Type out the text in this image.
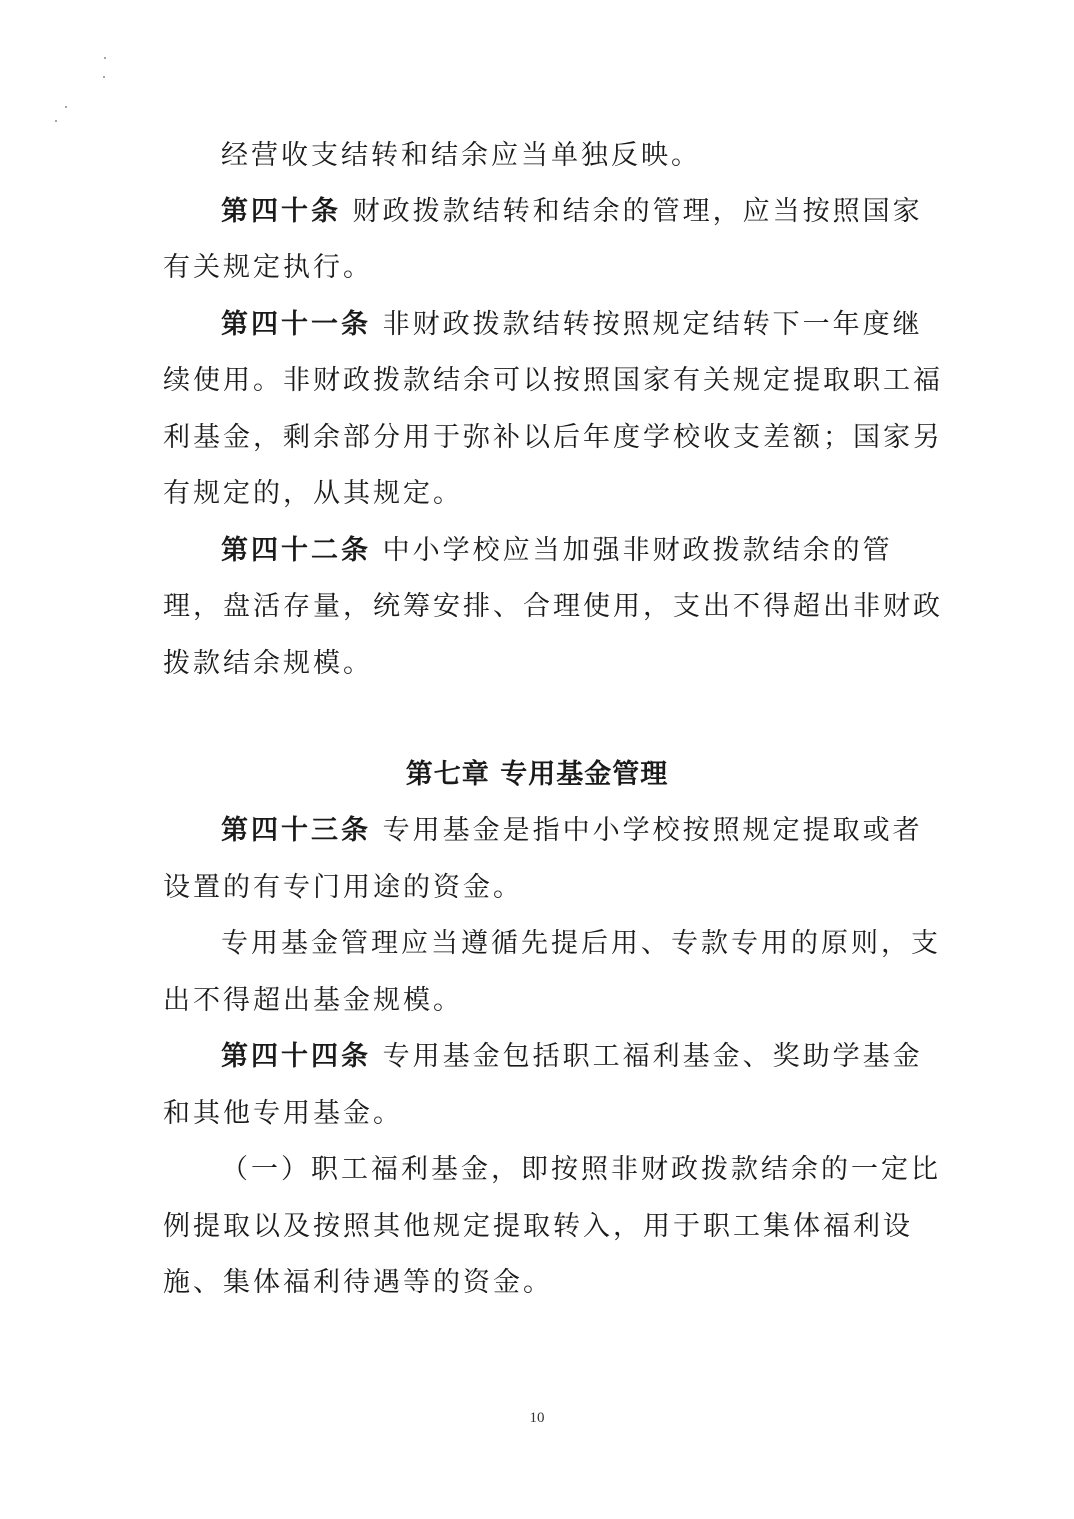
经营收支结转和结余应当单独反映。
第四十条 财政拨款结转和结余的管理，应当按照国家
有关规定执行。
第四十一条 非财政拨款结转按照规定结转下一年度继
续使用。非财政拨款结余可以按照国家有关规定提取职工福
利基金，剩余部分用于弥补以后年度学校收支差额；国家另
有规定的，从其规定。
第四十二条 中小学校应当加强非财政拨款结余的管
理，盘活存量，统筹安排、合理使用，支出不得超出非财政
拨款结余规模。
第七章 专用基金管理
第四十三条 专用基金是指中小学校按照规定提取或者
设置的有专门用途的资金。
专用基金管理应当遵循先提后用、专款专用的原则，支
出不得超出基金规模。
第四十四条 专用基金包括职工福利基金、奖助学基金
和其他专用基金。
（一）职工福利基金，即按照非财政拨款结余的一定比
例提取以及按照其他规定提取转入，用于职工集体福利设
施、集体福利待遇等的资金。
10
